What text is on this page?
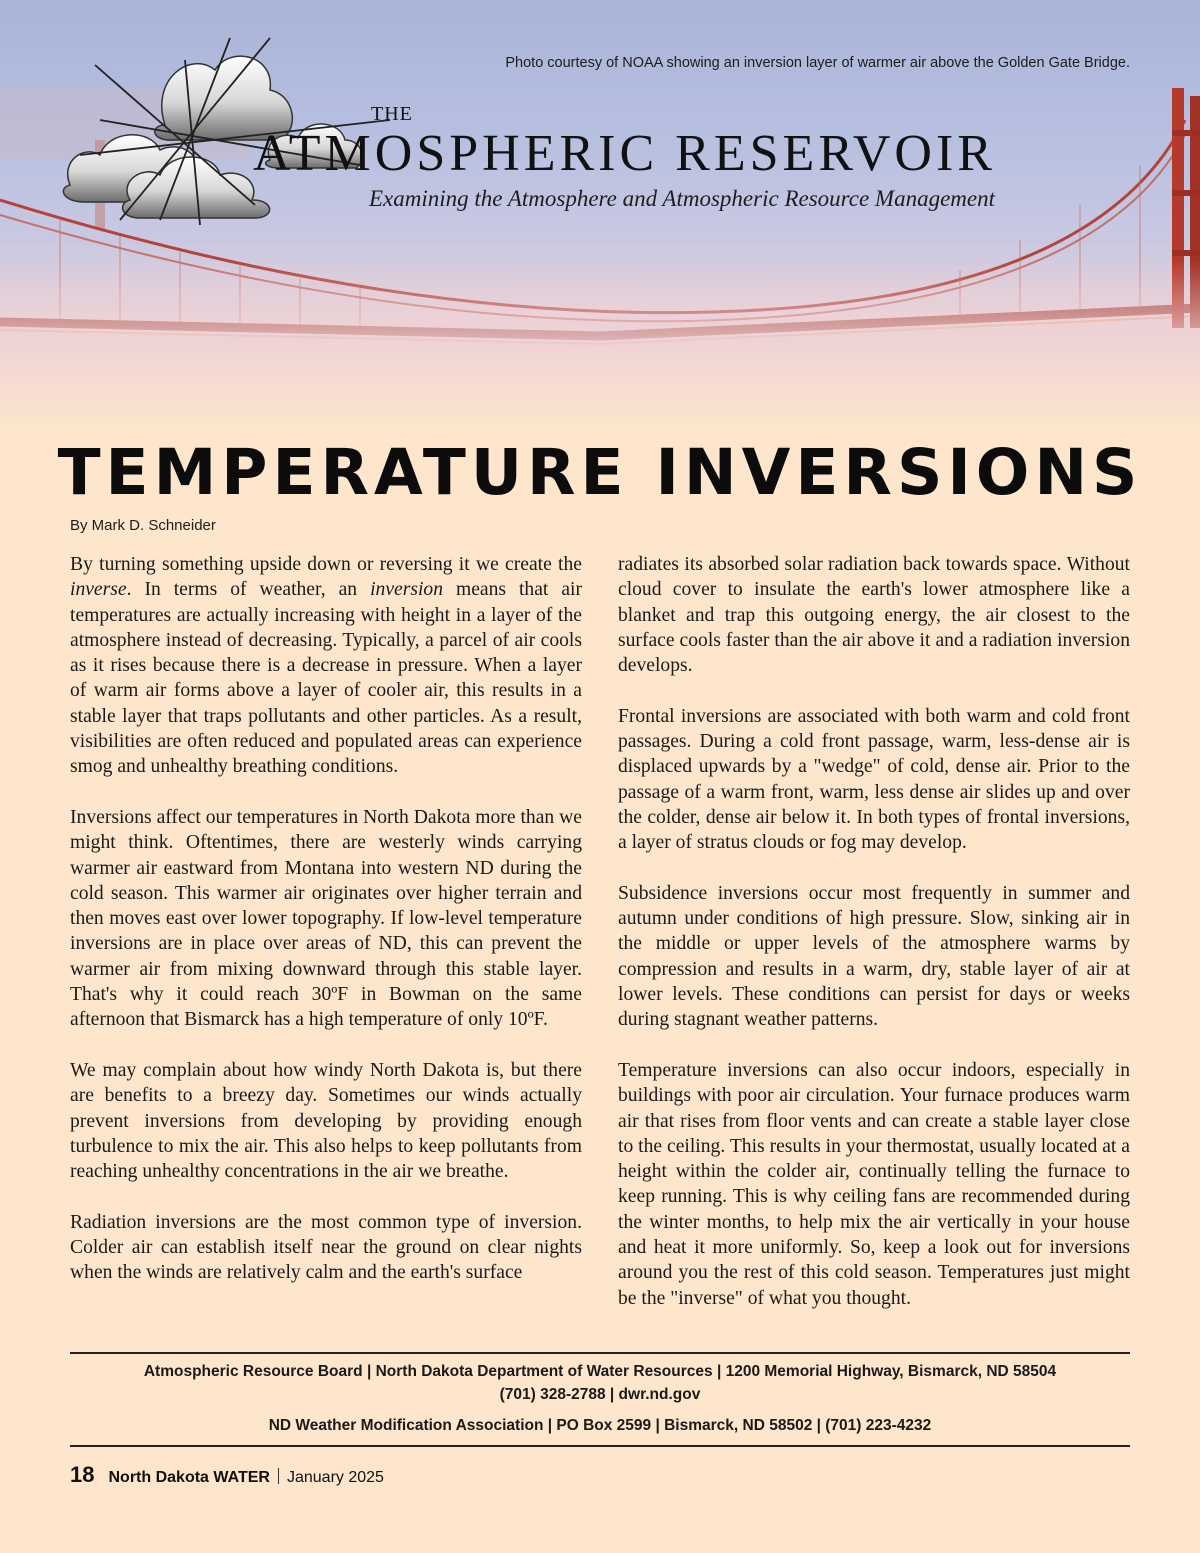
Photo courtesy of NOAA showing an inversion layer of warmer air above the Golden Gate Bridge.
THE
ATMOSPHERIC RESERVOIR
Examining the Atmosphere and Atmospheric Resource Management
TEMPERATURE INVERSIONS
By Mark D. Schneider

By turning something upside down or reversing it we create the inverse. In terms of weather, an inversion means that air temperatures are actually increasing with height in a layer of the atmosphere instead of decreasing. Typically, a parcel of air cools as it rises because there is a decrease in pressure. When a layer of warm air forms above a layer of cooler air, this results in a stable layer that traps pollutants and other particles. As a result, visibilities are often reduced and populated areas can experience smog and unhealthy breathing conditions.

Inversions affect our temperatures in North Dakota more than we might think. Oftentimes, there are westerly winds carrying warmer air eastward from Montana into western ND during the cold season. This warmer air originates over higher terrain and then moves east over lower topography. If low-level temperature inversions are in place over areas of ND, this can prevent the warmer air from mixing downward through this stable layer. That's why it could reach 30ºF in Bowman on the same afternoon that Bismarck has a high temperature of only 10ºF.

We may complain about how windy North Dakota is, but there are benefits to a breezy day. Sometimes our winds actually prevent inversions from developing by providing enough turbulence to mix the air. This also helps to keep pollutants from reaching unhealthy concentrations in the air we breathe.

Radiation inversions are the most common type of inversion. Colder air can establish itself near the ground on clear nights when the winds are relatively calm and the earth's surface

radiates its absorbed solar radiation back towards space. Without cloud cover to insulate the earth's lower atmosphere like a blanket and trap this outgoing energy, the air closest to the surface cools faster than the air above it and a radiation inversion develops.

Frontal inversions are associated with both warm and cold front passages. During a cold front passage, warm, less-dense air is displaced upwards by a "wedge" of cold, dense air. Prior to the passage of a warm front, warm, less dense air slides up and over the colder, dense air below it. In both types of frontal inversions, a layer of stratus clouds or fog may develop.

Subsidence inversions occur most frequently in summer and autumn under conditions of high pressure. Slow, sinking air in the middle or upper levels of the atmosphere warms by compression and results in a warm, dry, stable layer of air at lower levels. These conditions can persist for days or weeks during stagnant weather patterns.

Temperature inversions can also occur indoors, especially in buildings with poor air circulation. Your furnace produces warm air that rises from floor vents and can create a stable layer close to the ceiling. This results in your thermostat, usually located at a height within the colder air, continually telling the furnace to keep running. This is why ceiling fans are recommended during the winter months, to help mix the air vertically in your house and heat it more uniformly. So, keep a look out for inversions around you the rest of this cold season. Temperatures just might be the "inverse" of what you thought.

Atmospheric Resource Board | North Dakota Department of Water Resources | 1200 Memorial Highway, Bismarck, ND 58504
(701) 328-2788 | dwr.nd.gov
ND Weather Modification Association | PO Box 2599 | Bismarck, ND 58502 | (701) 223-4232
18 North Dakota WATER January 2025
